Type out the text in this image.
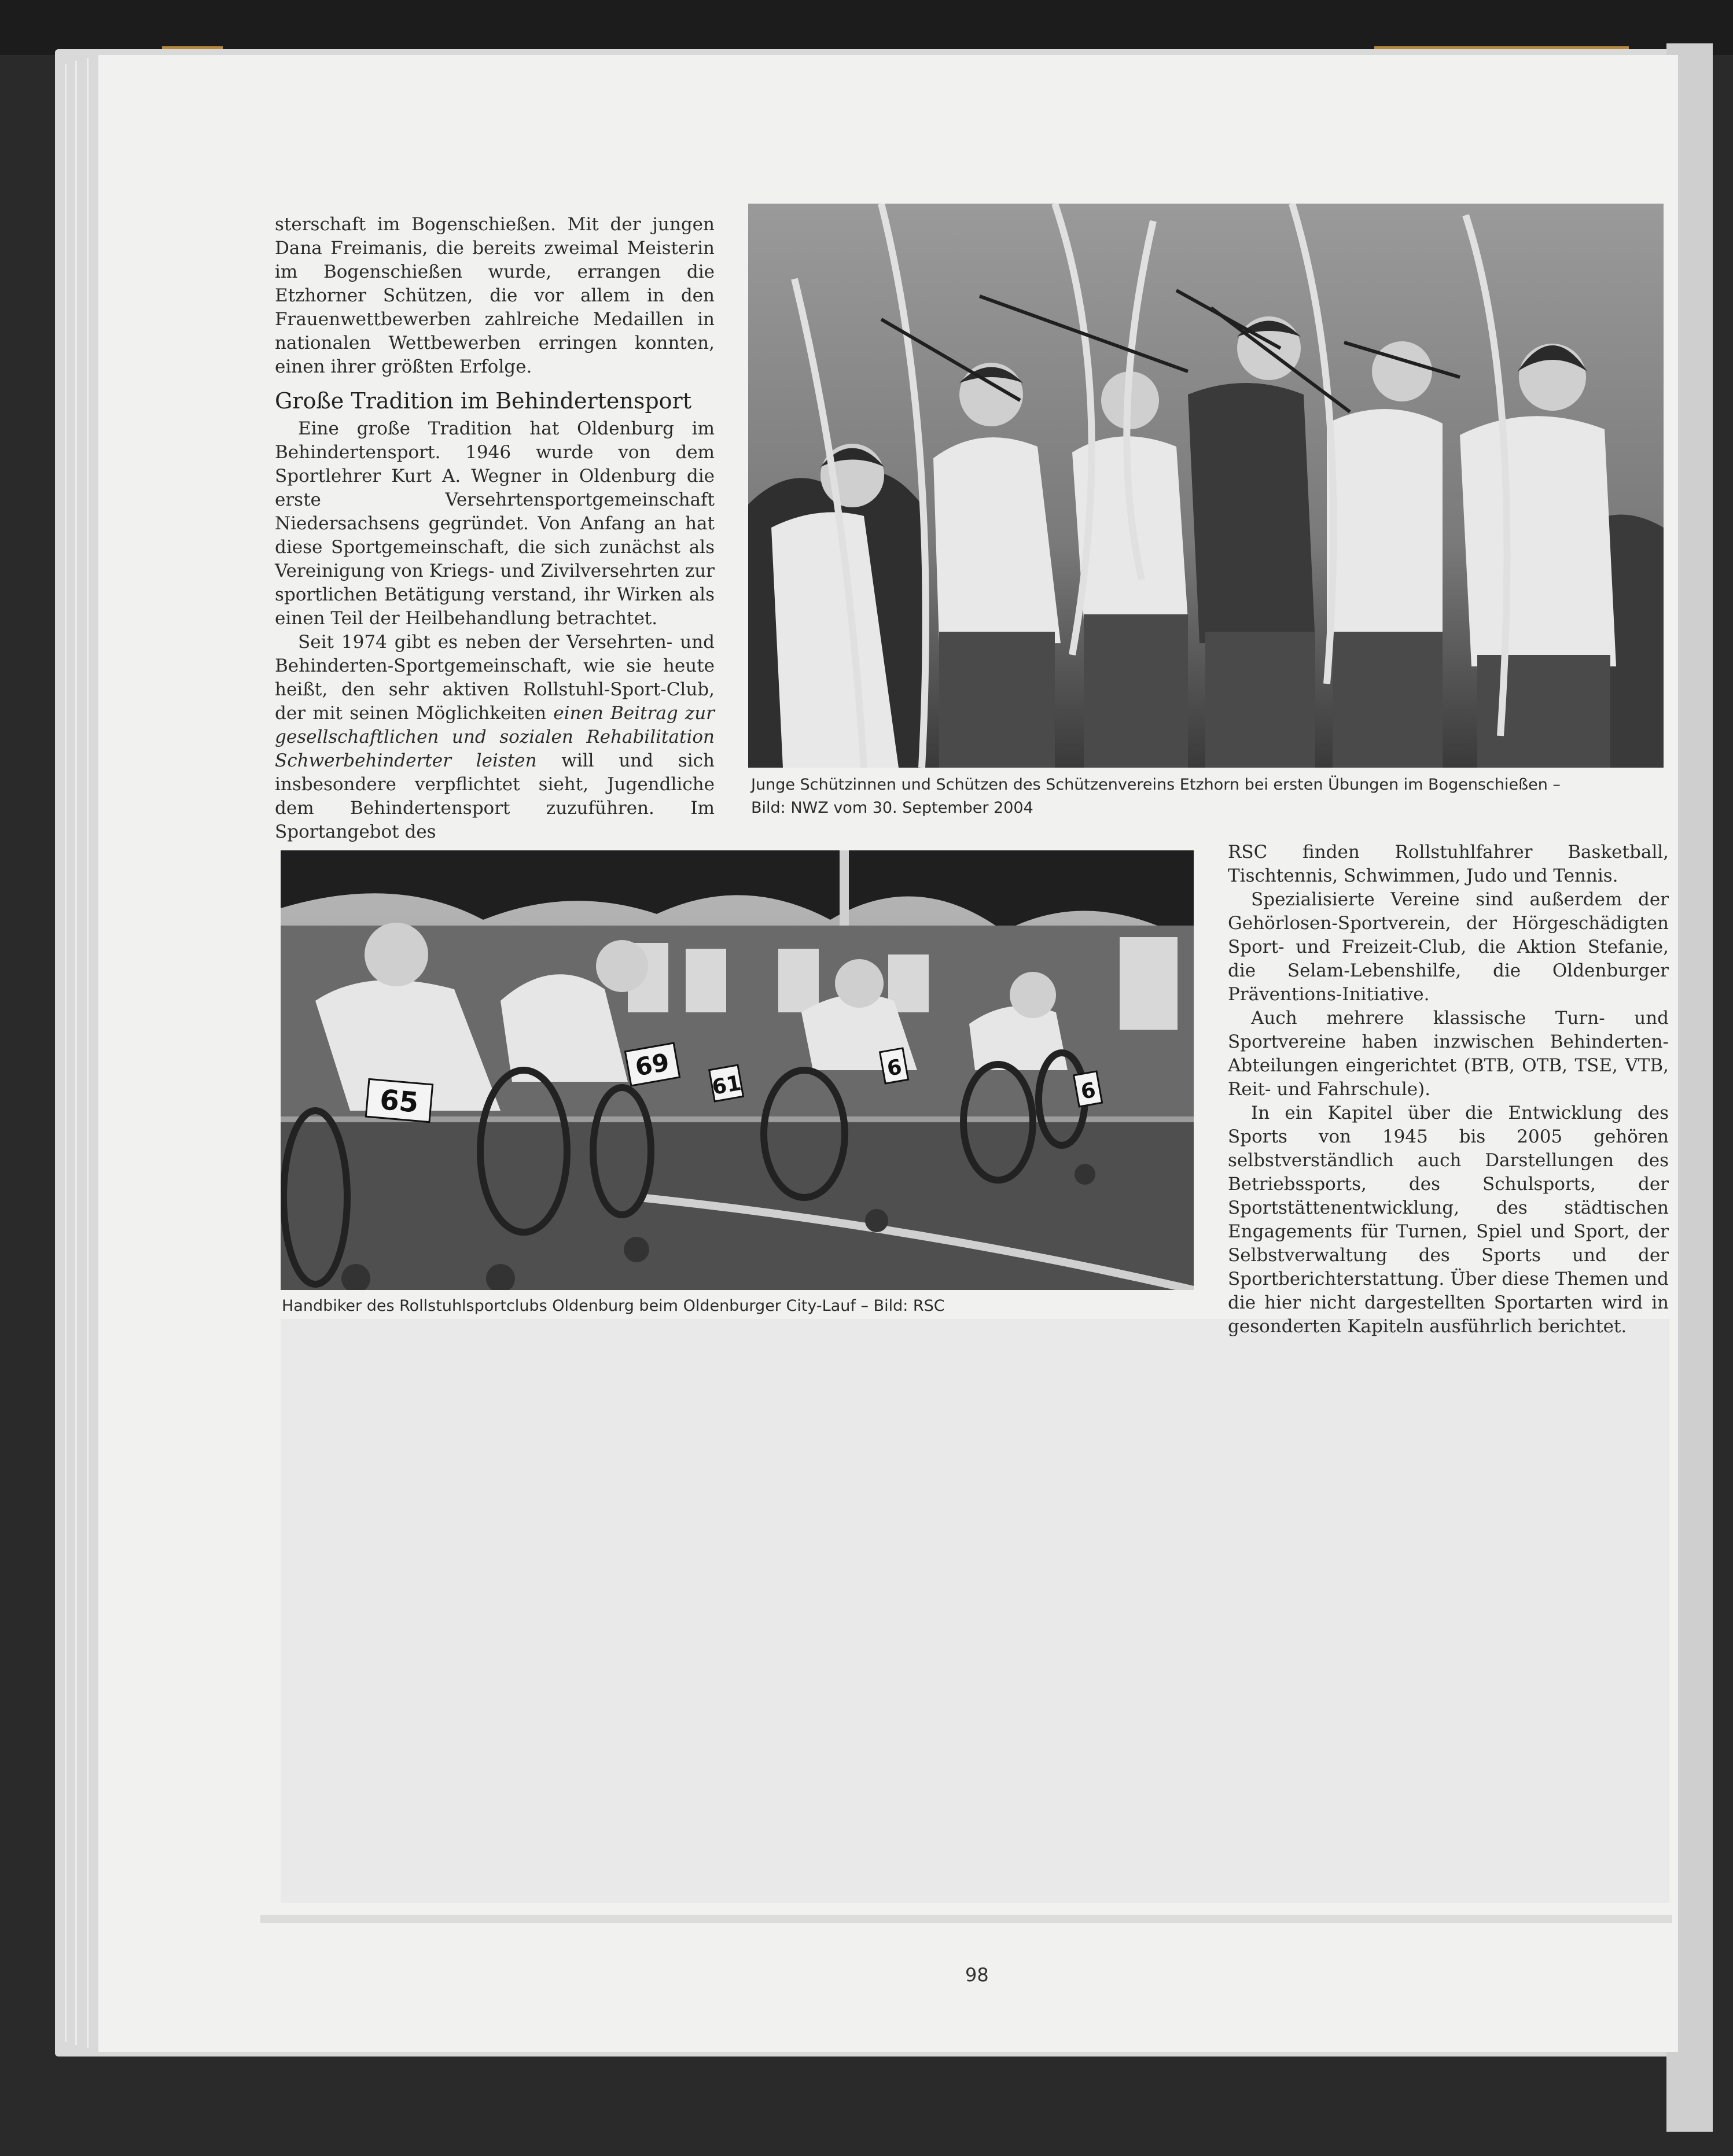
sterschaft im Bogenschießen. Mit der jungen Dana Freimanis, die bereits zweimal Meisterin im Bogenschießen wurde, errangen die Etzhorner Schützen, die vor allem in den Frauenwettbewerben zahlreiche Medaillen in nationalen Wettbewerben erringen konnten, einen ihrer größten Erfolge.

Große Tradition im Behindertensport

Eine große Tradition hat Oldenburg im Behindertensport. 1946 wurde von dem Sportlehrer Kurt A. Wegner in Oldenburg die erste Versehrtensportgemeinschaft Niedersachsens gegründet. Von Anfang an hat diese Sportgemeinschaft, die sich zunächst als Vereinigung von Kriegs- und Zivilversehrten zur sportlichen Betätigung verstand, ihr Wirken als einen Teil der Heilbehandlung betrachtet.

Seit 1974 gibt es neben der Versehrten- und Behinderten-Sportgemeinschaft, wie sie heute heißt, den sehr aktiven Rollstuhl-Sport-Club, der mit seinen Möglichkeiten einen Beitrag zur gesellschaftlichen und sozialen Rehabilitation Schwerbehinderter leisten will und sich insbesondere verpflichtet sieht, Jugendliche dem Behindertensport zuzuführen. Im Sportangebot des

Junge Schützinnen und Schützen des Schützenvereins Etzhorn bei ersten Übungen im Bogenschießen –
Bild: NWZ vom 30. September 2004
65
69
61
6
6
Handbiker des Rollstuhlsportclubs Oldenburg beim Oldenburger City-Lauf – Bild: RSC

RSC finden Rollstuhlfahrer Basketball, Tischtennis, Schwimmen, Judo und Tennis.

Spezialisierte Vereine sind außerdem der Gehörlosen-Sportverein, der Hörgeschädigten Sport- und Freizeit-Club, die Aktion Stefanie, die Selam-Lebenshilfe, die Oldenburger Präventions-Initiative.

Auch mehrere klassische Turn- und Sportvereine haben inzwischen Behinderten-Abteilungen eingerichtet (BTB, OTB, TSE, VTB, Reit- und Fahrschule).

In ein Kapitel über die Entwicklung des Sports von 1945 bis 2005 gehören selbstverständlich auch Darstellungen des Betriebssports, des Schulsports, der Sportstättenentwicklung, des städtischen Engagements für Turnen, Spiel und Sport, der Selbstverwaltung des Sports und der Sportberichterstattung. Über diese Themen und die hier nicht dargestellten Sportarten wird in gesonderten Kapiteln ausführlich berichtet.

98
